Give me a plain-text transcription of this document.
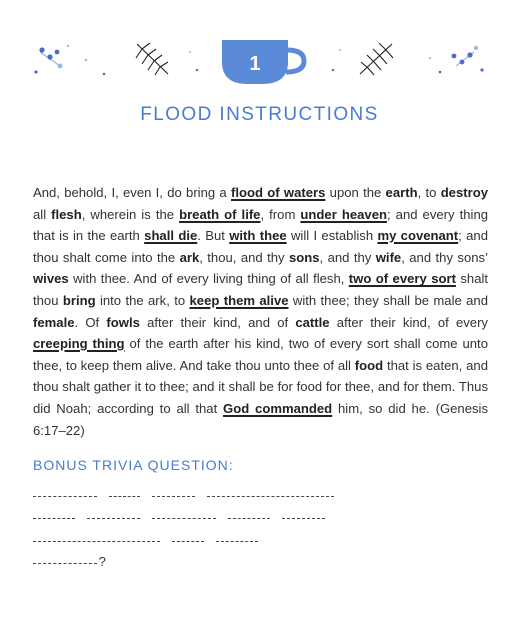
1
FLOOD INSTRUCTIONS
And, behold, I, even I, do bring a flood of waters upon the earth, to destroy all flesh, wherein is the breath of life, from under heaven; and every thing that is in the earth shall die. But with thee will I establish my covenant; and thou shalt come into the ark, thou, and thy sons, and thy wife, and thy sons’ wives with thee. And of every living thing of all flesh, two of every sort shalt thou bring into the ark, to keep them alive with thee; they shall be male and female. Of fowls after their kind, and of cattle after their kind, of every creeping thing of the earth after his kind, two of every sort shall come unto thee, to keep them alive. And take thou unto thee of all food that is eaten, and thou shalt gather it to thee; and it shall be for food for thee, and for them. Thus did Noah; according to all that God commanded him, so did he. (Genesis 6:17–22)
BONUS TRIVIA QUESTION:
?
